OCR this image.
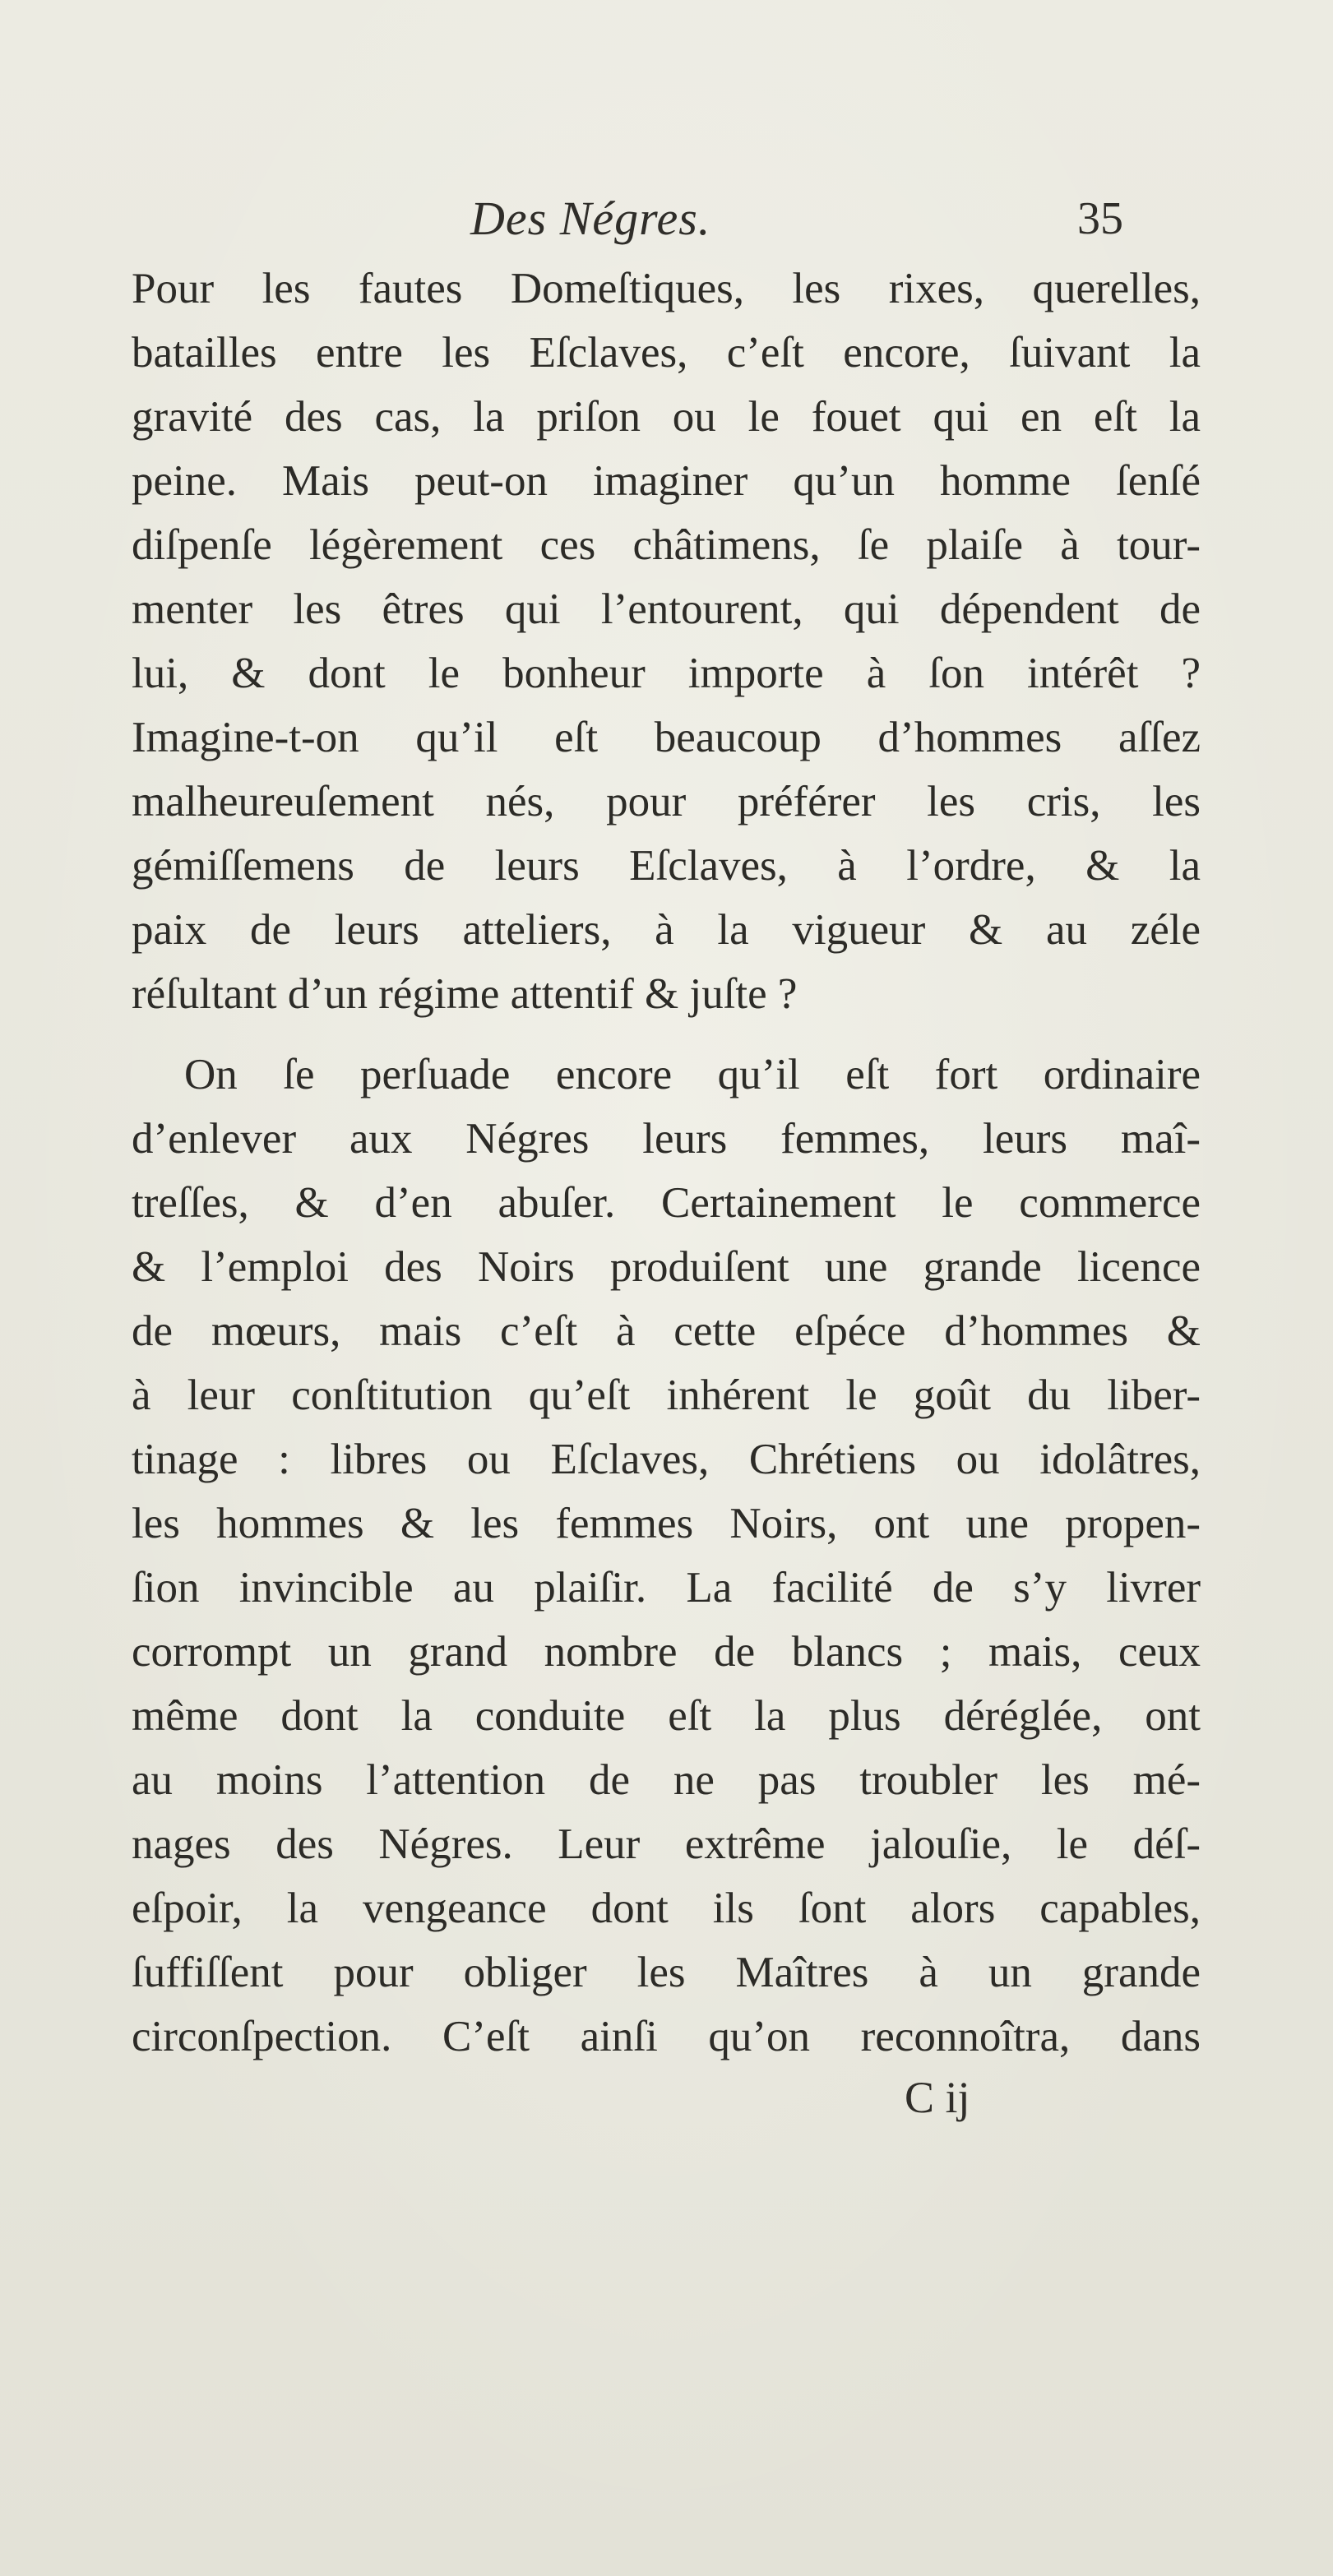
Des Négres.	35
Pour les fautes Domeſtiques, les rixes, querelles,
batailles entre les Eſclaves, c’eſt encore, ſuivant la
gravité des cas, la priſon ou le fouet qui en eſt la
peine. Mais peut-on imaginer qu’un homme ſenſé
diſpenſe légèrement ces châtimens, ſe plaiſe à tour-
menter les êtres qui l’entourent, qui dépendent de
lui, & dont le bonheur importe à ſon intérêt ?
Imagine-t-on qu’il eſt beaucoup d’hommes aſſez
malheureuſement nés, pour préférer les cris, les
gémiſſemens de leurs Eſclaves, à l’ordre, & la
paix de leurs atteliers, à la vigueur & au zéle
réſultant d’un régime attentif & juſte ?
On ſe perſuade encore qu’il eſt fort ordinaire
d’enlever aux Négres leurs femmes, leurs maî-
treſſes, & d’en abuſer. Certainement le commerce
& l’emploi des Noirs produiſent une grande licence
de mœurs, mais c’eſt à cette eſpéce d’hommes &
à leur conſtitution qu’eſt inhérent le goût du liber-
tinage : libres ou Eſclaves, Chrétiens ou idolâtres,
les hommes & les femmes Noirs, ont une propen-
ſion invincible au plaiſir. La facilité de s’y livrer
corrompt un grand nombre de blancs ; mais, ceux
même dont la conduite eſt la plus déréglée, ont
au moins l’attention de ne pas troubler les mé-
nages des Négres. Leur extrême jalouſie, le déſ-
eſpoir, la vengeance dont ils ſont alors capables,
ſuffiſſent pour obliger les Maîtres à un grande
circonſpection. C’eſt ainſi qu’on reconnoîtra, dans
C ij
